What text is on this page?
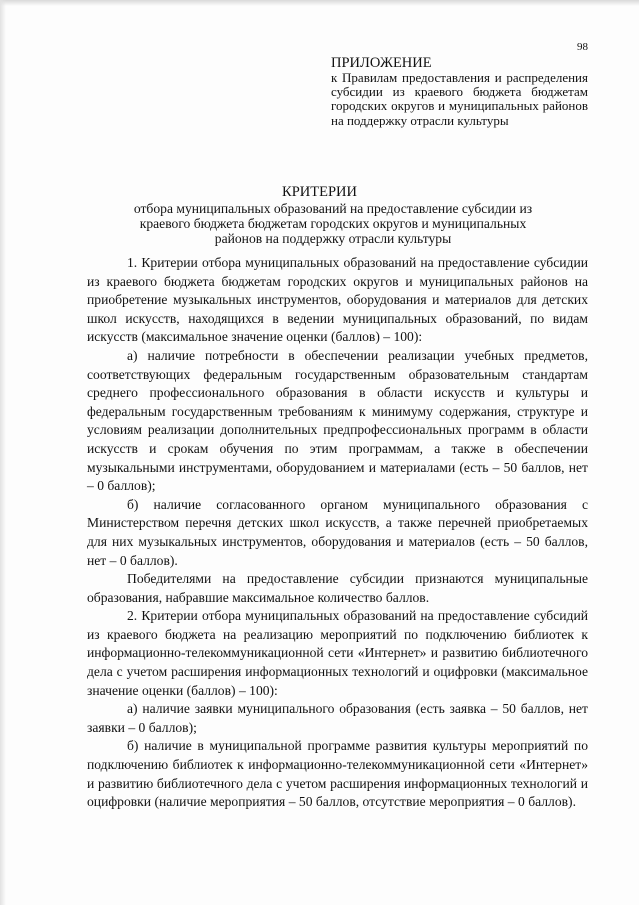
98
ПРИЛОЖЕНИЕ
к Правилам предоставления и распределения субсидии из краевого бюджета бюджетам городских округов и муниципальных районов на поддержку отрасли культуры
КРИТЕРИИ
отбора муниципальных образований на предоставление субсидии из краевого бюджета бюджетам городских округов и муниципальных районов на поддержку отрасли культуры

1. Критерии отбора муниципальных образований на предоставление субсидии из краевого бюджета бюджетам городских округов и муниципальных районов на приобретение музыкальных инструментов, оборудования и материалов для детских школ искусств, находящихся в ведении муниципальных образований, по видам искусств (максимальное значение оценки (баллов) – 100):

а) наличие потребности в обеспечении реализации учебных предметов, соответствующих федеральным государственным образовательным стандартам среднего профессионального образования в области искусств и культуры и федеральным государственным требованиям к минимуму содержания, структуре и условиям реализации дополнительных предпрофессиональных программ в области искусств и срокам обучения по этим программам, а также в обеспечении музыкальными инструментами, оборудованием и материалами (есть – 50 баллов, нет – 0 баллов);

б) наличие согласованного органом муниципального образования с Министерством перечня детских школ искусств, а также перечней приобретаемых для них музыкальных инструментов, оборудования и материалов (есть – 50 баллов, нет – 0 баллов).

Победителями на предоставление субсидии признаются муниципальные образования, набравшие максимальное количество баллов.

2. Критерии отбора муниципальных образований на предоставление субсидий из краевого бюджета на реализацию мероприятий по подключению библиотек к информационно-телекоммуникационной сети «Интернет» и развитию библиотечного дела с учетом расширения информационных технологий и оцифровки (максимальное значение оценки (баллов) – 100):

а) наличие заявки муниципального образования (есть заявка – 50 баллов, нет заявки – 0 баллов);

б) наличие в муниципальной программе развития культуры мероприятий по подключению библиотек к информационно-телекоммуникационной сети «Интернет» и развитию библиотечного дела с учетом расширения информационных технологий и оцифровки (наличие мероприятия – 50 баллов, отсутствие мероприятия – 0 баллов).
